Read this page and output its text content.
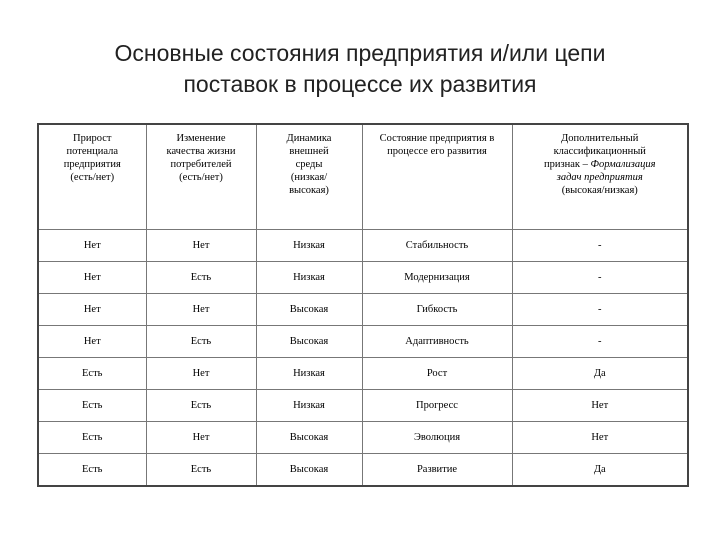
Основные состояния предприятия и/или цепи
поставок в процессе их развития
Прирост потенциала предприятия (есть/нет)	Изменение качества жизни потребителей (есть/нет)	Динамика внешней среды (низкая/ высокая)	Состояние предприятия в процессе его развития	Дополнительный классификационный признак – Формализация задач предприятия (высокая/низкая)

Нет	Нет	Низкая	Стабильность	-
Нет	Есть	Низкая	Модернизация	-
Нет	Нет	Высокая	Гибкость	-
Нет	Есть	Высокая	Адаптивность	-
Есть	Нет	Низкая	Рост	Да
Есть	Есть	Низкая	Прогресс	Нет
Есть	Нет	Высокая	Эволюция	Нет
Есть	Есть	Высокая	Развитие	Да
